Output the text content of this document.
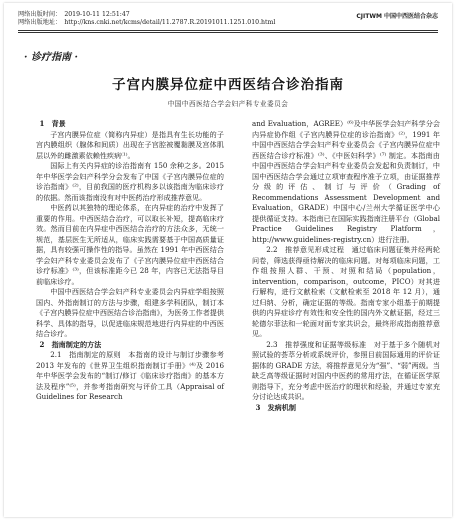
网络出版时间： 2019-10-11 12:51:47
网络出版地址： http://kns.cnki.net/kcms/detail/11.2787.R.20191011.1251.010.html
CJITWM 中国中西医结合杂志
· 诊疗指南 ·
子宫内膜异位症中西医结合诊治指南
中国中西医结合学会妇产科专业委员会

1　背景

子宫内膜异位症（简称内异症）是指具有生长功能的子宫内膜组织（腺体和间质）出现在子宫腔被覆黏膜及宫体肌层以外的雌激素依赖性疾病⁽¹⁾。

国际上有关内异症的诊治指南有 150 余种之多。2015 年中华医学会妇产科学分会发布了中国《子宫内膜异位症的诊治指南》⁽²⁾，目前我国的医疗机构多以该指南为临床诊疗的依据。然而该指南没有对中医药治疗形成推荐意见。

中医药以其独特的理论体系，在内异症的治疗中发挥了重要的作用。中西医结合治疗，可以取长补短，提高临床疗效。然而目前在内异症中西医结合治疗的方法众多，无统一规范，基层医生无所适从，临床实践需要基于中国高质量证据，具有较强可操作性的指导。虽然在 1991 年中西医结合学会妇产科专业委员会发布了《子宫内膜异位症中西医结合诊疗标准》⁽³⁾，但该标准距今已 28 年，内容已无法指导目前临床诊疗。

中国中西医结合学会妇产科专业委员会内异症学组按照国内、外指南制订的方法与步骤，组建多学科团队，制订本《子宫内膜异位症中西医结合诊治指南》，为医务工作者提供科学、具体的指导，以促进临床规范地进行内异症的中西医结合诊疗。

2　指南制定的方法

2.1　指南制定的原则　本指南的设计与制订步骤参考 2013 年发布的《世界卫生组织指南制订手册》⁽⁴⁾及 2016 年中华医学会发布的“制订/修订《临床诊疗指南》的基本方法及程序”⁽⁵⁾，并参考指南研究与评价工具（Appraisal of Guidelines for Research

and Evaluation，AGREE）⁽⁶⁾及中华医学会妇产科学分会内异症协作组《子宫内膜异位症的诊治指南》⁽²⁾，1991 年中国中西医结合学会妇产科专业委员会《子宫内膜异位症中西医结合诊疗标准》⁽³⁾、《中医妇科学》⁽⁷⁾ 制定。本指南由中国中西医结合学会妇产科专业委员会发起和负责制订，中国中西医结合学会通过立项审查程序准予立项，由证据推荐分级的评估、制订与评价（Grading of Recommendations Assessment Development and Evaluation，GRADE）中国中心/兰州大学循证医学中心提供循证支持。本指南已在国际实践指南注册平台（Global Practice Guidelines Registry Platform，http://www.guidelines-registry.cn）进行注册。

2.2　推荐意见形成过程　通过临床问题征集并经两轮问卷，筛选获得亟待解决的临床问题。对每项临床问题，工作组按照人群、干预、对照和结局（population，intervention，comparison，outcome，PICO）对其进行解构，进行文献检索（文献检索至 2018 年 12 月），通过归纳、分析，确定证据的等级。指南专家小组基于前期提供的内异症诊疗有效性和安全性的国内外文献证据，经过三轮德尔菲法和一轮面对面专家共识会，最终形成指南推荐意见。

2.3　推荐强度和证据等级标准　对于基于多个随机对照试验的荟萃分析或系统评价，参照目前国际通用的评价证据体的 GRADE 方法，将推荐意见分为“强”、“弱”两级。当缺乏高等级证据时对国内中医药的常用疗法，在循证医学原则指导下，充分考虑中医治疗的理状和经验，并通过专家充分讨论达成共识。

3　发病机制
